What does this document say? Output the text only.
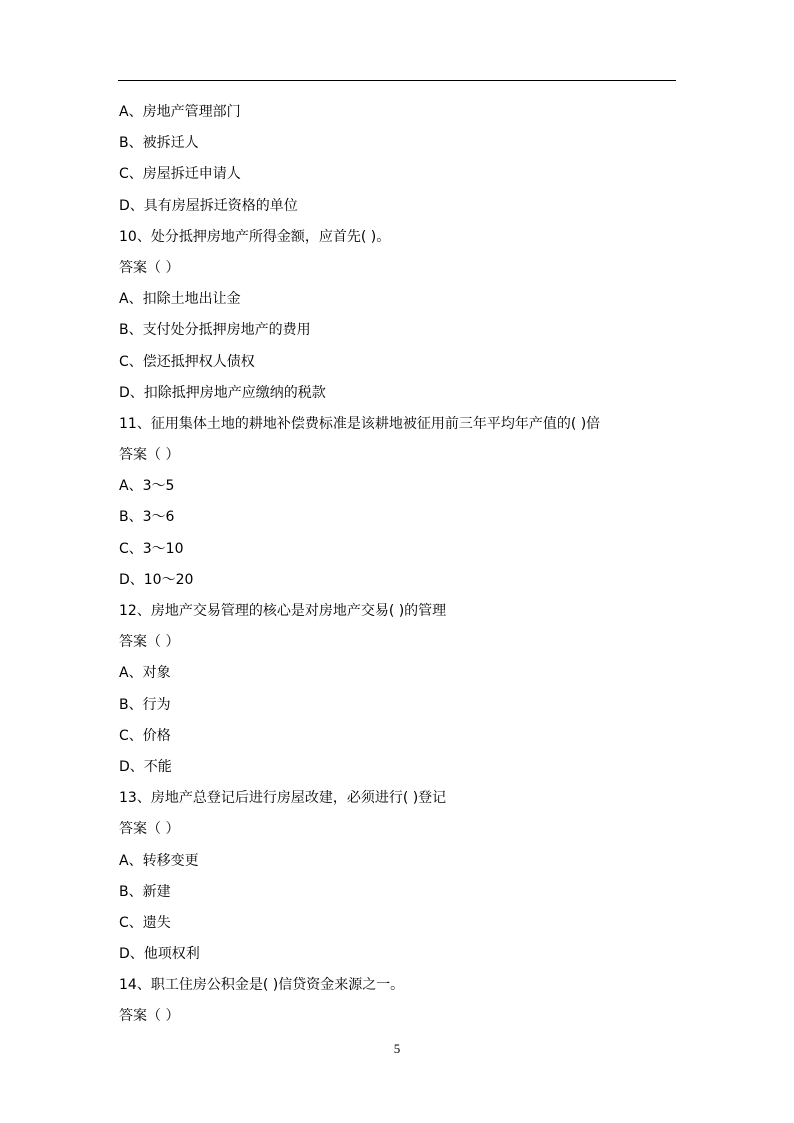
A、房地产管理部门
B、被拆迁人
C、房屋拆迁申请人
D、具有房屋拆迁资格的单位
10、处分抵押房地产所得金额，应首先( )。
答案（ ）
A、扣除土地出让金
B、支付处分抵押房地产的费用
C、偿还抵押权人债权
D、扣除抵押房地产应缴纳的税款
11、征用集体土地的耕地补偿费标准是该耕地被征用前三年平均年产值的( )倍
答案（ ）
A、3～5
B、3～6
C、3～10
D、10～20
12、房地产交易管理的核心是对房地产交易( )的管理
答案（ ）
A、对象
B、行为
C、价格
D、不能
13、房地产总登记后进行房屋改建，必须进行( )登记
答案（ ）
A、转移变更
B、新建
C、遗失
D、他项权利
14、职工住房公积金是( )信贷资金来源之一。
答案（ ）
5
